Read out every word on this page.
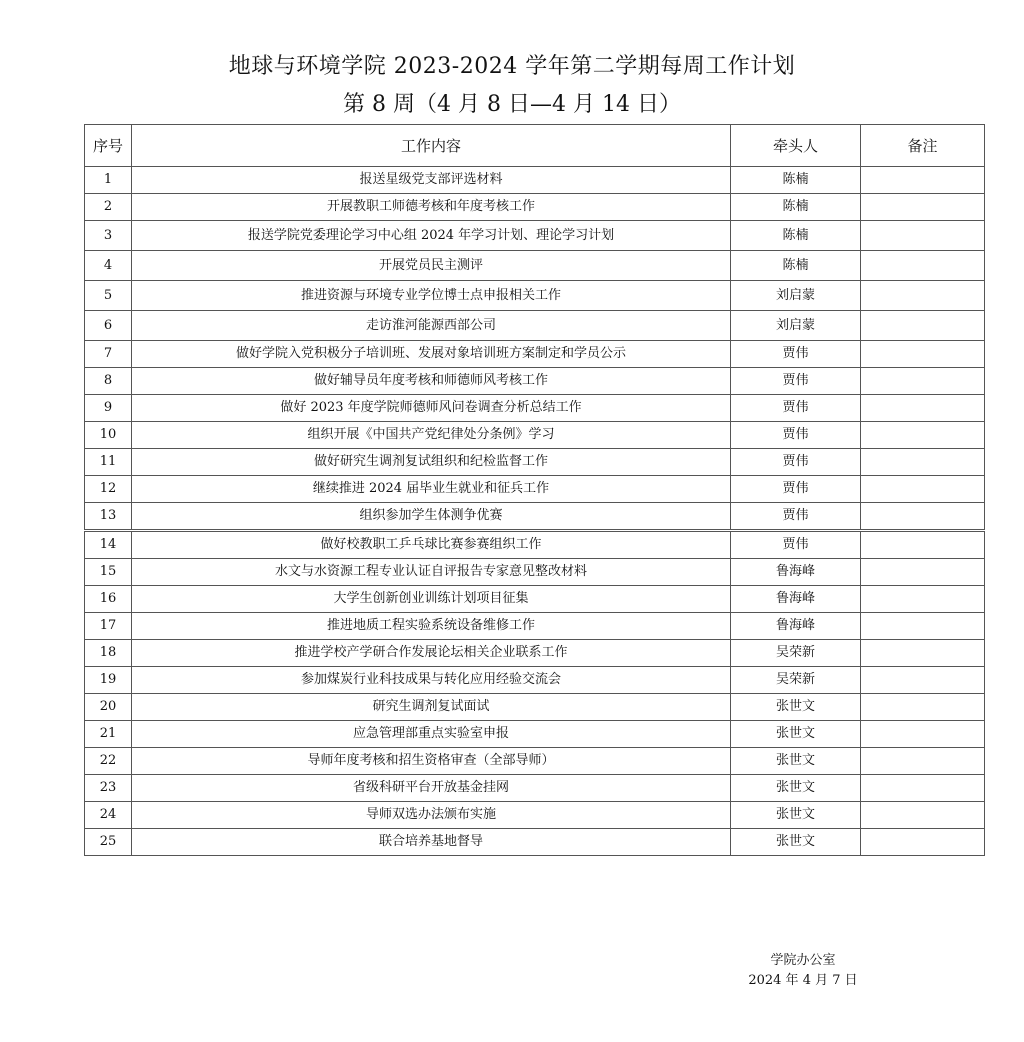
地球与环境学院 2023-2024 学年第二学期每周工作计划
第 8 周（4 月 8 日—4 月 14 日）
序号	工作内容	牵头人	备注
1	报送星级党支部评选材料	陈楠	
2	开展教职工师德考核和年度考核工作	陈楠	
3	报送学院党委理论学习中心组 2024 年学习计划、理论学习计划	陈楠	
4	开展党员民主测评	陈楠	
5	推进资源与环境专业学位博士点申报相关工作	刘启蒙	
6	走访淮河能源西部公司	刘启蒙	
7	做好学院入党积极分子培训班、发展对象培训班方案制定和学员公示	贾伟	
8	做好辅导员年度考核和师德师风考核工作	贾伟	
9	做好 2023 年度学院师德师风问卷调查分析总结工作	贾伟	
10	组织开展《中国共产党纪律处分条例》学习	贾伟	
11	做好研究生调剂复试组织和纪检监督工作	贾伟	
12	继续推进 2024 届毕业生就业和征兵工作	贾伟	
13	组织参加学生体测争优赛	贾伟	
14	做好校教职工乒乓球比赛参赛组织工作	贾伟	
15	水文与水资源工程专业认证自评报告专家意见整改材料	鲁海峰	
16	大学生创新创业训练计划项目征集	鲁海峰	
17	推进地质工程实验系统设备维修工作	鲁海峰	
18	推进学校产学研合作发展论坛相关企业联系工作	吴荣新	
19	参加煤炭行业科技成果与转化应用经验交流会	吴荣新	
20	研究生调剂复试面试	张世文	
21	应急管理部重点实验室申报	张世文	
22	导师年度考核和招生资格审查（全部导师）	张世文	
23	省级科研平台开放基金挂网	张世文	
24	导师双选办法颁布实施	张世文	
25	联合培养基地督导	张世文	
学院办公室
2024 年 4 月 7 日
